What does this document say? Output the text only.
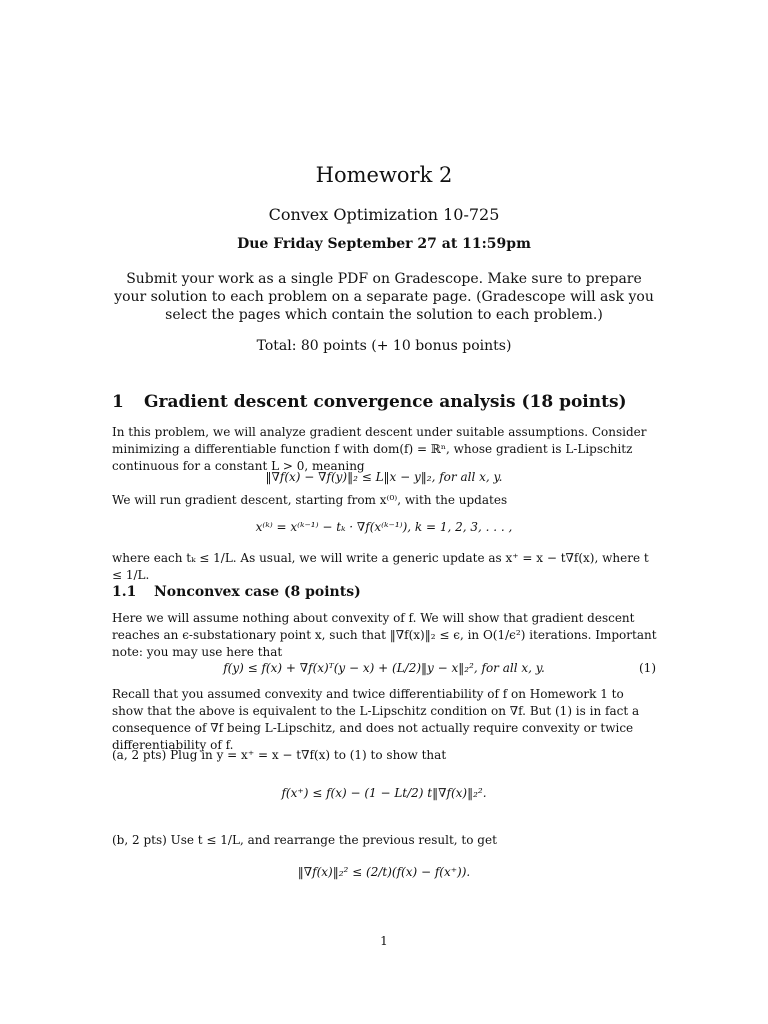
Homework 2
Convex Optimization 10-725
Due Friday September 27 at 11:59pm
Submit your work as a single PDF on Gradescope. Make sure to prepare your solution to each problem on a separate page. (Gradescope will ask you select the pages which contain the solution to each problem.)
Total: 80 points (+ 10 bonus points)
1 Gradient descent convergence analysis (18 points)
In this problem, we will analyze gradient descent under suitable assumptions. Consider minimizing a differentiable function f with dom(f) = ℝⁿ, whose gradient is L-Lipschitz continuous for a constant L > 0, meaning
‖∇f(x) − ∇f(y)‖₂ ≤ L‖x − y‖₂, for all x, y.
We will run gradient descent, starting from x⁽⁰⁾, with the updates
x⁽ᵏ⁾ = x⁽ᵏ⁻¹⁾ − tₖ · ∇f(x⁽ᵏ⁻¹⁾), k = 1, 2, 3, . . . ,
where each tₖ ≤ 1/L. As usual, we will write a generic update as x⁺ = x − t∇f(x), where t ≤ 1/L.
1.1 Nonconvex case (8 points)
Here we will assume nothing about convexity of f. We will show that gradient descent reaches an ϵ-substationary point x, such that ‖∇f(x)‖₂ ≤ ϵ, in O(1/ϵ²) iterations. Important note: you may use here that
f(y) ≤ f(x) + ∇f(x)ᵀ(y − x) + (L/2)‖y − x‖₂², for all x, y.	(1)
Recall that you assumed convexity and twice differentiability of f on Homework 1 to show that the above is equivalent to the L-Lipschitz condition on ∇f. But (1) is in fact a consequence of ∇f being L-Lipschitz, and does not actually require convexity or twice differentiability of f.
(a, 2 pts) Plug in y = x⁺ = x − t∇f(x) to (1) to show that
f(x⁺) ≤ f(x) − (1 − Lt/2) t‖∇f(x)‖₂².
(b, 2 pts) Use t ≤ 1/L, and rearrange the previous result, to get
‖∇f(x)‖₂² ≤ (2/t)(f(x) − f(x⁺)).
1
